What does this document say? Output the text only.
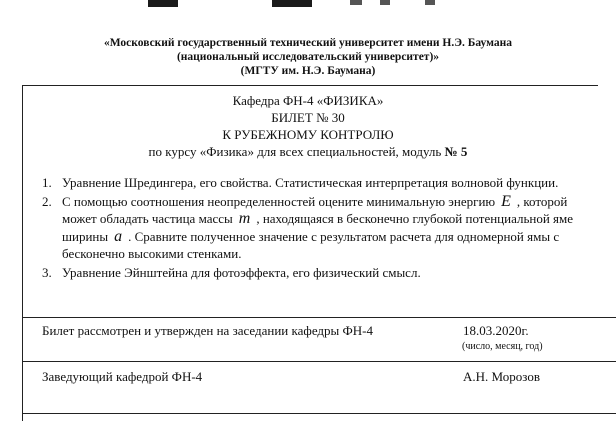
«Московский государственный технический университет имени Н.Э. Баумана
(национальный исследовательский университет)»
(МГТУ им. Н.Э. Баумана)
Кафедра ФН-4 «ФИЗИКА»
БИЛЕТ № 30
К РУБЕЖНОМУ КОНТРОЛЮ
по курсу «Физика» для всех специальностей, модуль № 5
1. Уравнение Шредингера, его свойства. Статистическая интерпретация волновой функции.
2. С помощью соотношения неопределенностей оцените минимальную энергию E , которой может обладать частица массы m , находящаяся в бесконечно глубокой потенциальной яме ширины a . Сравните полученное значение с результатом расчета для одномерной ямы с бесконечно высокими стенками.
3. Уравнение Эйнштейна для фотоэффекта, его физический смысл.
Билет рассмотрен и утвержден на заседании кафедры ФН-4	18.03.2020г.
(число, месяц, год)
Заведующий кафедрой ФН-4	А.Н. Морозов
